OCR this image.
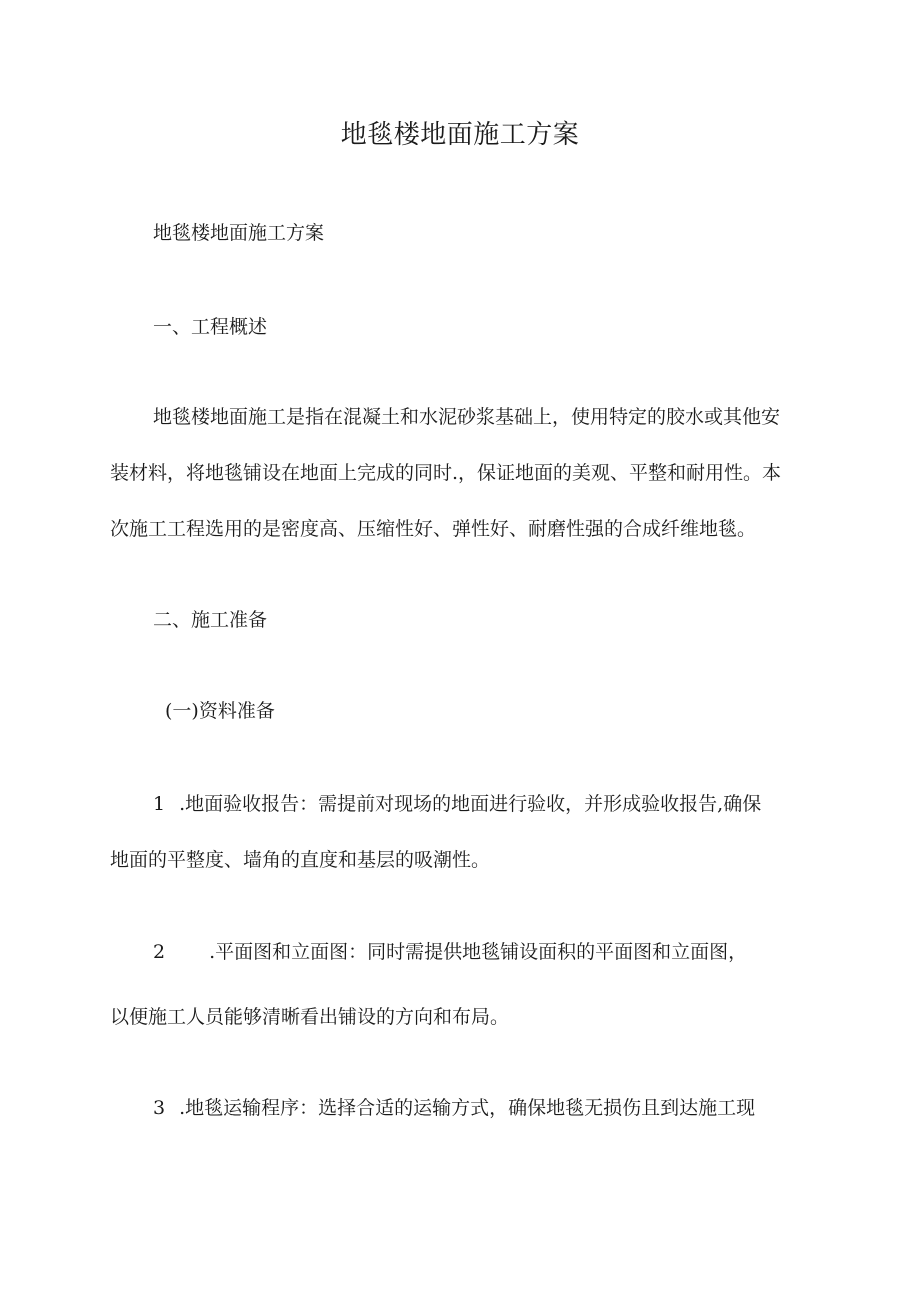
地毯楼地面施工方案
地毯楼地面施工方案
一、工程概述
地毯楼地面施工是指在混凝土和水泥砂浆基础上，使用特定的胶水或其他安
装材料，将地毯铺设在地面上完成的同时.，保证地面的美观、平整和耐用性。本
次施工工程选用的是密度高、压缩性好、弹性好、耐磨性强的合成纤维地毯。
二、施工准备
(一)资料准备
1 .地面验收报告：需提前对现场的地面进行验收，并形成验收报告,确保
地面的平整度、墙角的直度和基层的吸潮性。
2 .平面图和立面图：同时需提供地毯铺设面积的平面图和立面图，
以便施工人员能够清晰看出铺设的方向和布局。
3 .地毯运输程序：选择合适的运输方式，确保地毯无损伤且到达施工现
